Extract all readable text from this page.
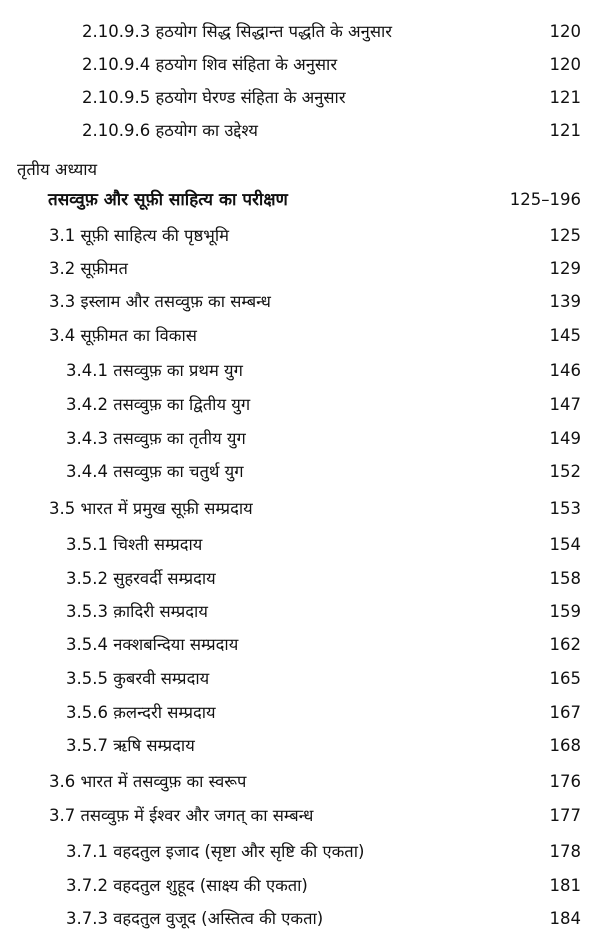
2.10.9.3 हठयोग सिद्ध सिद्धान्त पद्धति के अनुसार	120
2.10.9.4 हठयोग शिव संहिता के अनुसार	120
2.10.9.5 हठयोग घेरण्ड संहिता के अनुसार	121
2.10.9.6 हठयोग का उद्देश्य	121
तृतीय अध्याय
तसव्वुफ़ और सूफ़ी साहित्य का परीक्षण	125–196
3.1 सूफ़ी साहित्य की पृष्ठभूमि	125
3.2 सूफ़ीमत	129
3.3 इस्लाम और तसव्वुफ़ का सम्बन्ध	139
3.4 सूफ़ीमत का विकास	145
3.4.1 तसव्वुफ़ का प्रथम युग	146
3.4.2 तसव्वुफ़ का द्वितीय युग	147
3.4.3 तसव्वुफ़ का तृतीय युग	149
3.4.4 तसव्वुफ़ का चतुर्थ युग	152
3.5 भारत में प्रमुख सूफ़ी सम्प्रदाय	153
3.5.1 चिश्ती सम्प्रदाय	154
3.5.2 सुहरवर्दी सम्प्रदाय	158
3.5.3 क़ादिरी सम्प्रदाय	159
3.5.4 नक्शबन्दिया सम्प्रदाय	162
3.5.5 कुबरवी सम्प्रदाय	165
3.5.6 क़लन्दरी सम्प्रदाय	167
3.5.7 ऋषि सम्प्रदाय	168
3.6 भारत में तसव्वुफ़ का स्वरूप	176
3.7 तसव्वुफ़ में ईश्वर और जगत् का सम्बन्ध	177
3.7.1 वहदतुल इजाद (सृष्टा और सृष्टि की एकता)	178
3.7.2 वहदतुल शुहूद (साक्ष्य की एकता)	181
3.7.3 वहदतुल वुजूद (अस्तित्व की एकता)	184
